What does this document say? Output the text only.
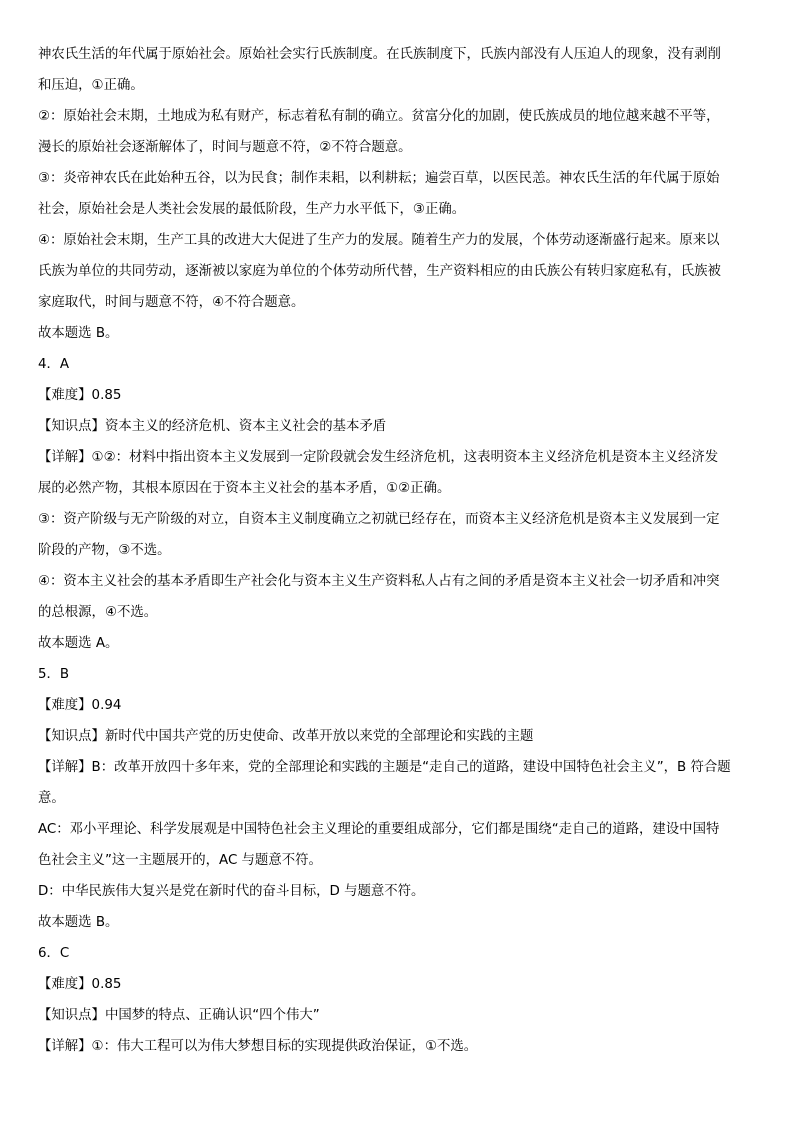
神农氏生活的年代属于原始社会。原始社会实行氏族制度。在氏族制度下，氏族内部没有人压迫人的现象，没有剥削
和压迫，①正确。
②：原始社会末期，土地成为私有财产，标志着私有制的确立。贫富分化的加剧，使氏族成员的地位越来越不平等，
漫长的原始社会逐渐解体了，时间与题意不符，②不符合题意。
③：炎帝神农氏在此始种五谷，以为民食；制作耒耜，以利耕耘；遍尝百草，以医民恙。神农氏生活的年代属于原始
社会，原始社会是人类社会发展的最低阶段，生产力水平低下，③正确。
④：原始社会末期，生产工具的改进大大促进了生产力的发展。随着生产力的发展，个体劳动逐渐盛行起来。原来以
氏族为单位的共同劳动，逐渐被以家庭为单位的个体劳动所代替，生产资料相应的由氏族公有转归家庭私有，氏族被
家庭取代，时间与题意不符，④不符合题意。
故本题选 B。
4．A
【难度】0.85
【知识点】资本主义的经济危机、资本主义社会的基本矛盾
【详解】①②：材料中指出资本主义发展到一定阶段就会发生经济危机，这表明资本主义经济危机是资本主义经济发
展的必然产物，其根本原因在于资本主义社会的基本矛盾，①②正确。
③：资产阶级与无产阶级的对立，自资本主义制度确立之初就已经存在，而资本主义经济危机是资本主义发展到一定
阶段的产物，③不选。
④：资本主义社会的基本矛盾即生产社会化与资本主义生产资料私人占有之间的矛盾是资本主义社会一切矛盾和冲突
的总根源，④不选。
故本题选 A。
5．B
【难度】0.94
【知识点】新时代中国共产党的历史使命、改革开放以来党的全部理论和实践的主题
【详解】B：改革开放四十多年来，党的全部理论和实践的主题是“走自己的道路，建设中国特色社会主义”，B 符合题
意。
AC：邓小平理论、科学发展观是中国特色社会主义理论的重要组成部分，它们都是围绕“走自己的道路，建设中国特
色社会主义”这一主题展开的，AC 与题意不符。
D：中华民族伟大复兴是党在新时代的奋斗目标，D 与题意不符。
故本题选 B。
6．C
【难度】0.85
【知识点】中国梦的特点、正确认识“四个伟大”
【详解】①：伟大工程可以为伟大梦想目标的实现提供政治保证，①不选。
